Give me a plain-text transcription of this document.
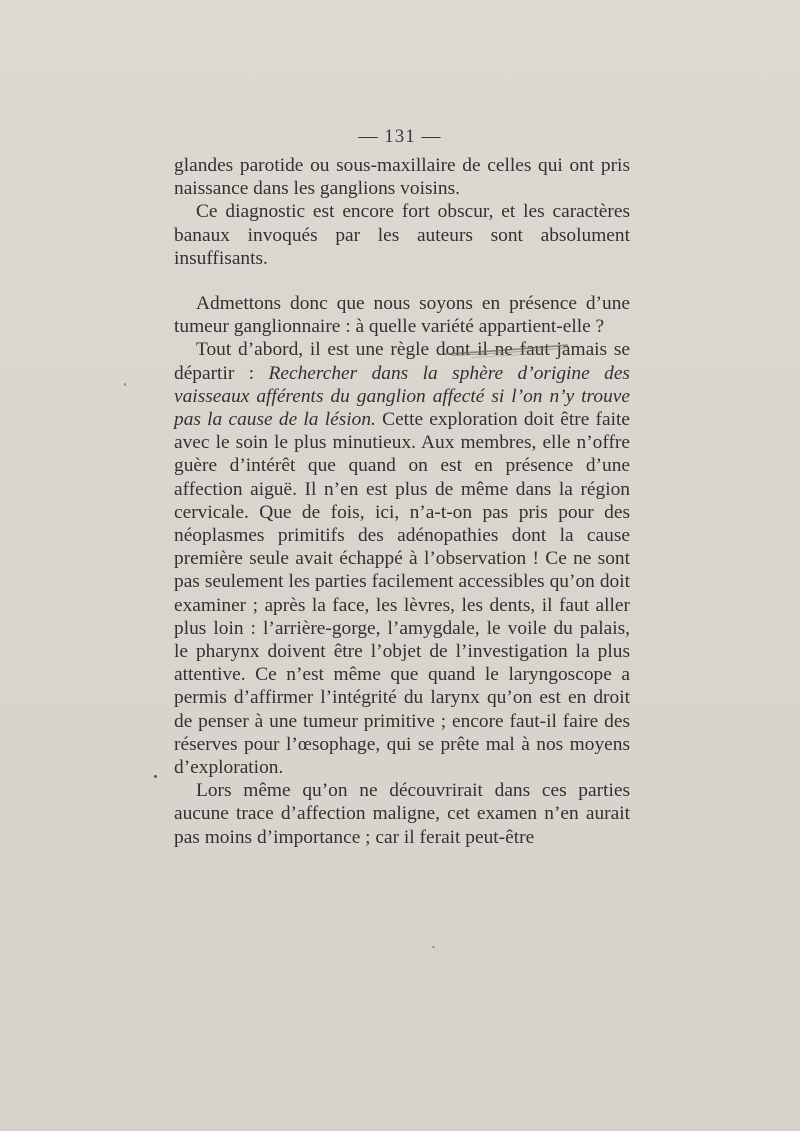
— 131 —

glandes parotide ou sous-maxillaire de celles qui ont pris naissance dans les ganglions voisins.

Ce diagnostic est encore fort obscur, et les caractères banaux invoqués par les auteurs sont absolument insuffisants.

Admettons donc que nous soyons en présence d’une tumeur ganglionnaire : à quelle variété appartient-elle ?

Tout d’abord, il est une règle dont il ne faut jamais se départir : Rechercher dans la sphère d’origine des vaisseaux afférents du ganglion affecté si l’on n’y trouve pas la cause de la lésion. Cette exploration doit être faite avec le soin le plus minutieux. Aux membres, elle n’offre guère d’intérêt que quand on est en présence d’une affection aiguë. Il n’en est plus de même dans la région cervicale. Que de fois, ici, n’a-t-on pas pris pour des néoplasmes primitifs des adénopathies dont la cause première seule avait échappé à l’observation ! Ce ne sont pas seulement les parties facilement accessibles qu’on doit examiner ; après la face, les lèvres, les dents, il faut aller plus loin : l’arrière-gorge, l’amygdale, le voile du palais, le pharynx doivent être l’objet de l’investigation la plus attentive. Ce n’est même que quand le laryngoscope a permis d’affirmer l’intégrité du larynx qu’on est en droit de penser à une tumeur primitive ; encore faut-il faire des réserves pour l’œsophage, qui se prête mal à nos moyens d’exploration.

Lors même qu’on ne découvrirait dans ces parties aucune trace d’affection maligne, cet examen n’en aurait pas moins d’importance ; car il ferait peut-être
